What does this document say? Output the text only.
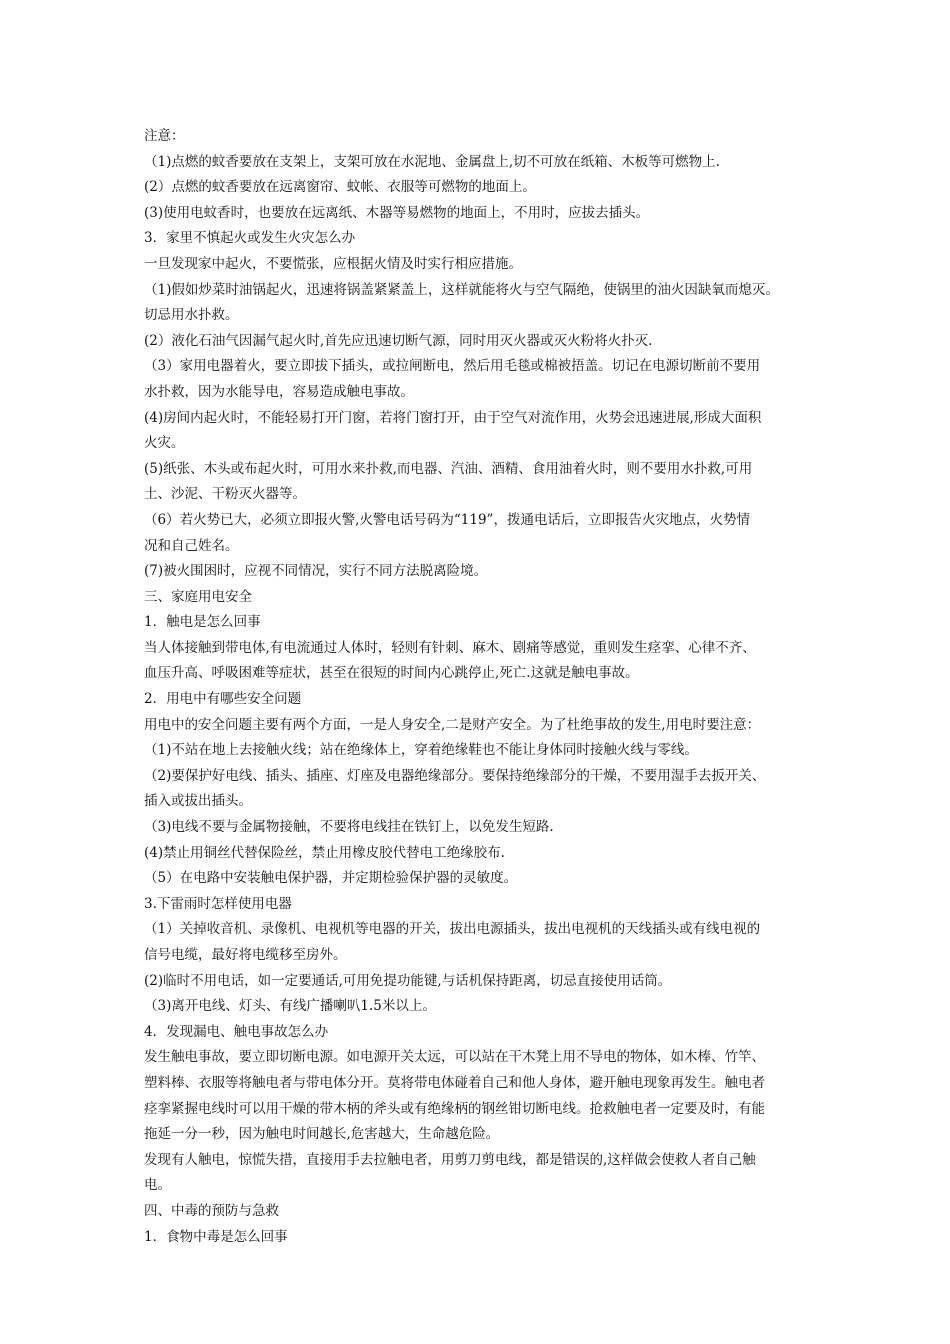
注意：
（1)点燃的蚊香要放在支架上，支架可放在水泥地、金属盘上,切不可放在纸箱、木板等可燃物上.
(2）点燃的蚊香要放在远离窗帘、蚊帐、衣服等可燃物的地面上。
(3)使用电蚊香时，也要放在远离纸、木器等易燃物的地面上，不用时，应拔去插头。
3．家里不慎起火或发生火灾怎么办
一旦发现家中起火，不要慌张，应根据火情及时实行相应措施。
（1)假如炒菜时油锅起火，迅速将锅盖紧紧盖上，这样就能将火与空气隔绝，使锅里的油火因缺氧而熄灭。
切忌用水扑救。
(2）液化石油气因漏气起火时,首先应迅速切断气源，同时用灭火器或灭火粉将火扑灭.
（3）家用电器着火，要立即拔下插头，或拉闸断电，然后用毛毯或棉被捂盖。切记在电源切断前不要用
水扑救，因为水能导电，容易造成触电事故。
(4)房间内起火时，不能轻易打开门窗，若将门窗打开，由于空气对流作用，火势会迅速进展,形成大面积
火灾。
(5)纸张、木头或布起火时，可用水来扑救,而电器、汽油、酒精、食用油着火时，则不要用水扑救,可用
土、沙泥、干粉灭火器等。
（6）若火势已大，必须立即报火警,火警电话号码为“119”，拨通电话后，立即报告火灾地点，火势情
况和自己姓名。
(7)被火围困时，应视不同情况，实行不同方法脱离险境。
三、家庭用电安全
1．触电是怎么回事
当人体接触到带电体,有电流通过人体时，轻则有针刺、麻木、剧痛等感觉，重则发生痉挛、心律不齐、
血压升高、呼吸困难等症状，甚至在很短的时间内心跳停止,死亡.这就是触电事故。
2．用电中有哪些安全问题
用电中的安全问题主要有两个方面，一是人身安全,二是财产安全。为了杜绝事故的发生,用电时要注意：
（1)不站在地上去接触火线；站在绝缘体上，穿着绝缘鞋也不能让身体同时接触火线与零线。
（2)要保护好电线、插头、插座、灯座及电器绝缘部分。要保持绝缘部分的干燥，不要用湿手去扳开关、
插入或拔出插头。
（3)电线不要与金属物接触，不要将电线挂在铁钉上，以免发生短路.
(4)禁止用铜丝代替保险丝，禁止用橡皮胶代替电工绝缘胶布.
（5）在电路中安装触电保护器，并定期检验保护器的灵敏度。
3.下雷雨时怎样使用电器
（1）关掉收音机、录像机、电视机等电器的开关，拔出电源插头，拔出电视机的天线插头或有线电视的
信号电缆，最好将电缆移至房外。
(2)临时不用电话，如一定要通话,可用免提功能键,与话机保持距离，切忌直接使用话筒。
（3)离开电线、灯头、有线广播喇叭1.5米以上。
4．发现漏电、触电事故怎么办
发生触电事故，要立即切断电源。如电源开关太远，可以站在干木凳上用不导电的物体，如木棒、竹竿、
塑料棒、衣服等将触电者与带电体分开。莫将带电体碰着自己和他人身体，避开触电现象再发生。触电者
痉挛紧握电线时可以用干燥的带木柄的斧头或有绝缘柄的钢丝钳切断电线。抢救触电者一定要及时，有能
拖延一分一秒，因为触电时间越长,危害越大，生命越危险。
发现有人触电，惊慌失措，直接用手去拉触电者，用剪刀剪电线，都是错误的,这样做会使救人者自己触
电。
四、中毒的预防与急救
1．食物中毒是怎么回事
